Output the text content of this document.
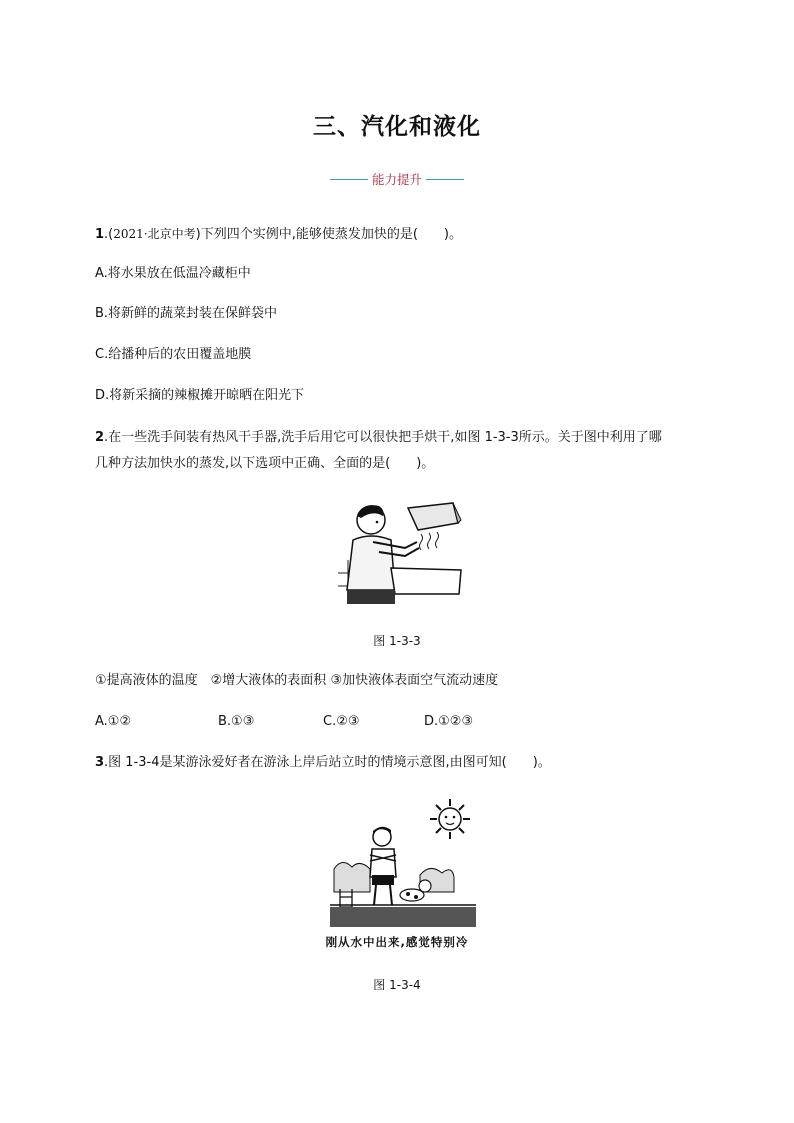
三、汽化和液化
能力提升
1.(2021·北京中考)下列四个实例中,能够使蒸发加快的是(　　)。
A.将水果放在低温冷藏柜中
B.将新鲜的蔬菜封装在保鲜袋中
C.给播种后的农田覆盖地膜
D.将新采摘的辣椒摊开晾晒在阳光下
2.在一些洗手间装有热风干手器,洗手后用它可以很快把手烘干,如图 1-3-3所示。关于图中利用了哪
几种方法加快水的蒸发,以下选项中正确、全面的是(　　)。
图 1-3-3
①提高液体的温度　②增大液体的表面积 ③加快液体表面空气流动速度
A.①②	B.①③	C.②③	D.①②③
3.图 1-3-4是某游泳爱好者在游泳上岸后站立时的情境示意图,由图可知(　　)。
刚从水中出来,感觉特别冷
图 1-3-4
